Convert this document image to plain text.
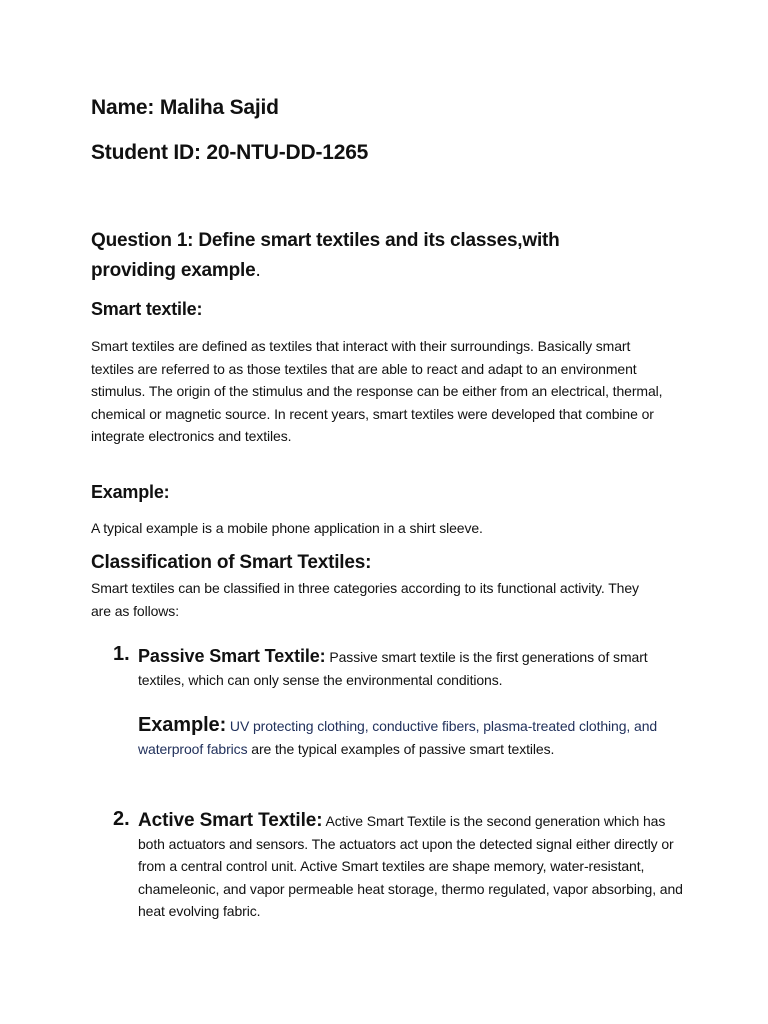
Name: Maliha Sajid

Student ID: 20-NTU-DD-1265

Question 1: Define smart textiles and its classes,with providing example.

Smart textile:

Smart textiles are defined as textiles that interact with their surroundings. Basically smart textiles are referred to as those textiles that are able to react and adapt to an environment stimulus. The origin of the stimulus and the response can be either from an electrical, thermal, chemical or magnetic source. In recent years, smart textiles were developed that combine or integrate electronics and textiles.

Example:

A typical example is a mobile phone application in a shirt sleeve.

Classification of Smart Textiles:

Smart textiles can be classified in three categories according to its functional activity. They are as follows:

1. Passive Smart Textile: Passive smart textile is the first generations of smart textiles, which can only sense the environmental conditions.

Example: UV protecting clothing, conductive fibers, plasma-treated clothing, and waterproof fabrics are the typical examples of passive smart textiles.

2. Active Smart Textile: Active Smart Textile is the second generation which has both actuators and sensors. The actuators act upon the detected signal either directly or from a central control unit. Active Smart textiles are shape memory, water-resistant, chameleonic, and vapor permeable heat storage, thermo regulated, vapor absorbing, and heat evolving fabric.
